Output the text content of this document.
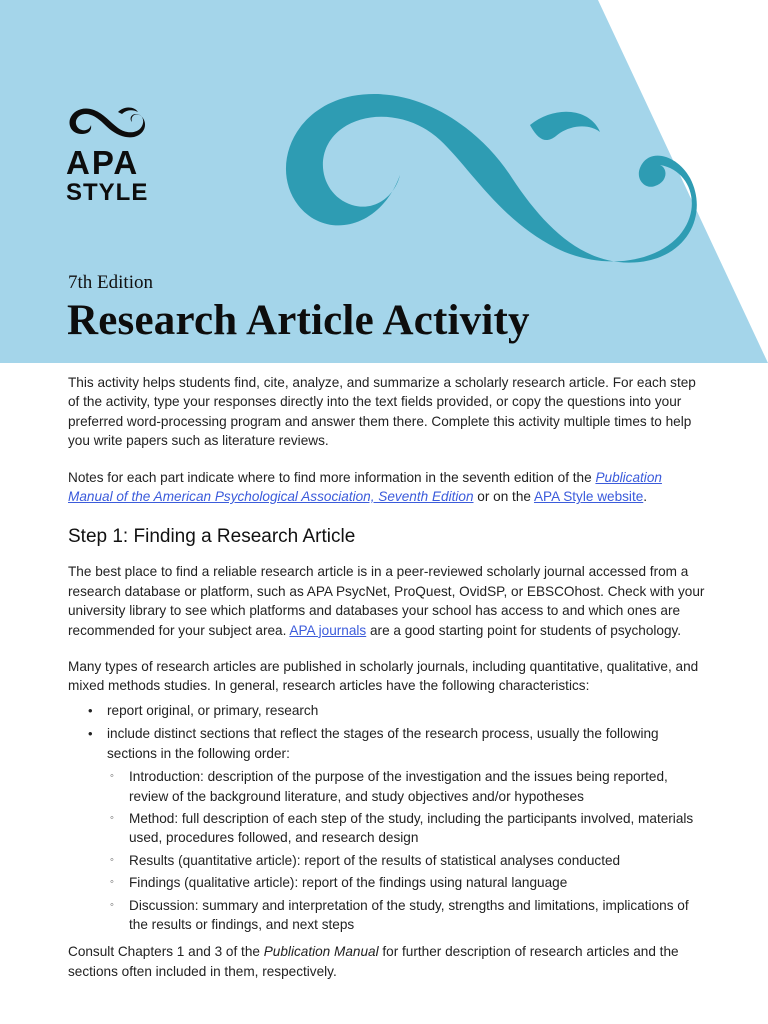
APA
STYLE
7th Edition
Research Article Activity

This activity helps students find, cite, analyze, and summarize a scholarly research article. For each step of the activity, type your responses directly into the text fields provided, or copy the questions into your preferred word-processing program and answer them there. Complete this activity multiple times to help you write papers such as literature reviews.

Notes for each part indicate where to find more information in the seventh edition of the Publication Manual of the American Psychological Association, Seventh Edition or on the APA Style website.

Step 1: Finding a Research Article

The best place to find a reliable research article is in a peer-reviewed scholarly journal accessed from a research database or platform, such as APA PsycNet, ProQuest, OvidSP, or EBSCOhost. Check with your university library to see which platforms and databases your school has access to and which ones are recommended for your subject area. APA journals are a good starting point for students of psychology.

Many types of research articles are published in scholarly journals, including quantitative, qualitative, and mixed methods studies. In general, research articles have the following characteristics:

• report original, or primary, research
• include distinct sections that reflect the stages of the research process, usually the following sections in the following order:
◦ Introduction: description of the purpose of the investigation and the issues being reported, review of the background literature, and study objectives and/or hypotheses
◦ Method: full description of each step of the study, including the participants involved, materials used, procedures followed, and research design
◦ Results (quantitative article): report of the results of statistical analyses conducted
◦ Findings (qualitative article): report of the findings using natural language
◦ Discussion: summary and interpretation of the study, strengths and limitations, implications of the results or findings, and next steps

Consult Chapters 1 and 3 of the Publication Manual for further description of research articles and the sections often included in them, respectively.
